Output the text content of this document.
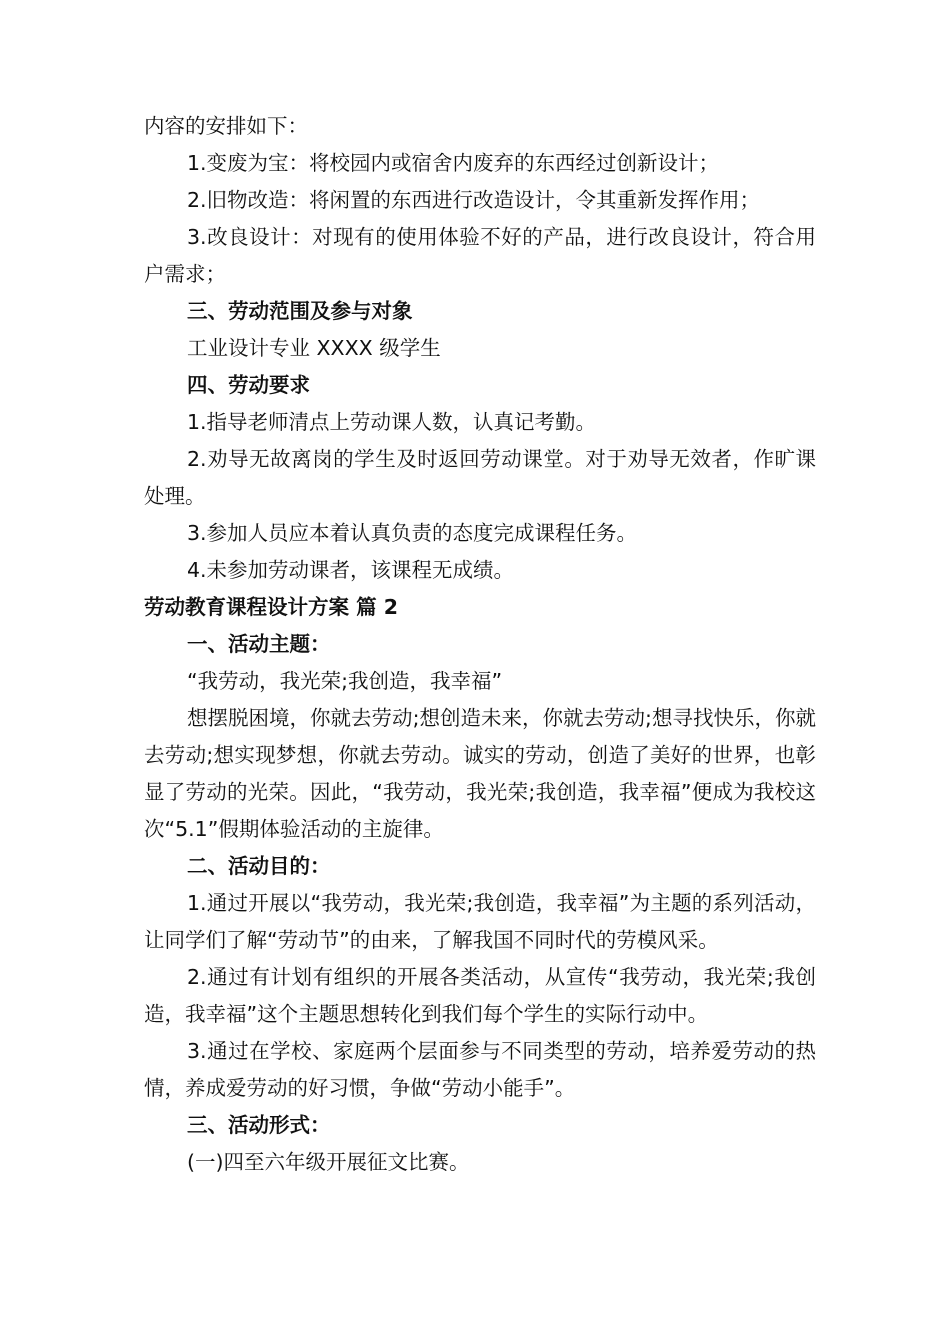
内容的安排如下：

1.变废为宝：将校园内或宿舍内废弃的东西经过创新设计；

2.旧物改造：将闲置的东西进行改造设计，令其重新发挥作用；

3.改良设计：对现有的使用体验不好的产品，进行改良设计，符合用户需求；

三、劳动范围及参与对象

工业设计专业 XXXX 级学生

四、劳动要求

1.指导老师清点上劳动课人数，认真记考勤。

2.劝导无故离岗的学生及时返回劳动课堂。对于劝导无效者，作旷课处理。

3.参加人员应本着认真负责的态度完成课程任务。

4.未参加劳动课者，该课程无成绩。

劳动教育课程设计方案 篇 2

一、活动主题：

“我劳动，我光荣;我创造，我幸福”

想摆脱困境，你就去劳动;想创造未来，你就去劳动;想寻找快乐，你就去劳动;想实现梦想，你就去劳动。诚实的劳动，创造了美好的世界，也彰显了劳动的光荣。因此，“我劳动，我光荣;我创造，我幸福”便成为我校这次“5.1”假期体验活动的主旋律。

二、活动目的：

1.通过开展以“我劳动，我光荣;我创造，我幸福”为主题的系列活动，让同学们了解“劳动节”的由来，了解我国不同时代的劳模风采。

2.通过有计划有组织的开展各类活动，从宣传“我劳动，我光荣;我创造，我幸福”这个主题思想转化到我们每个学生的实际行动中。

3.通过在学校、家庭两个层面参与不同类型的劳动，培养爱劳动的热情，养成爱劳动的好习惯，争做“劳动小能手”。

三、活动形式：

(一)四至六年级开展征文比赛。
